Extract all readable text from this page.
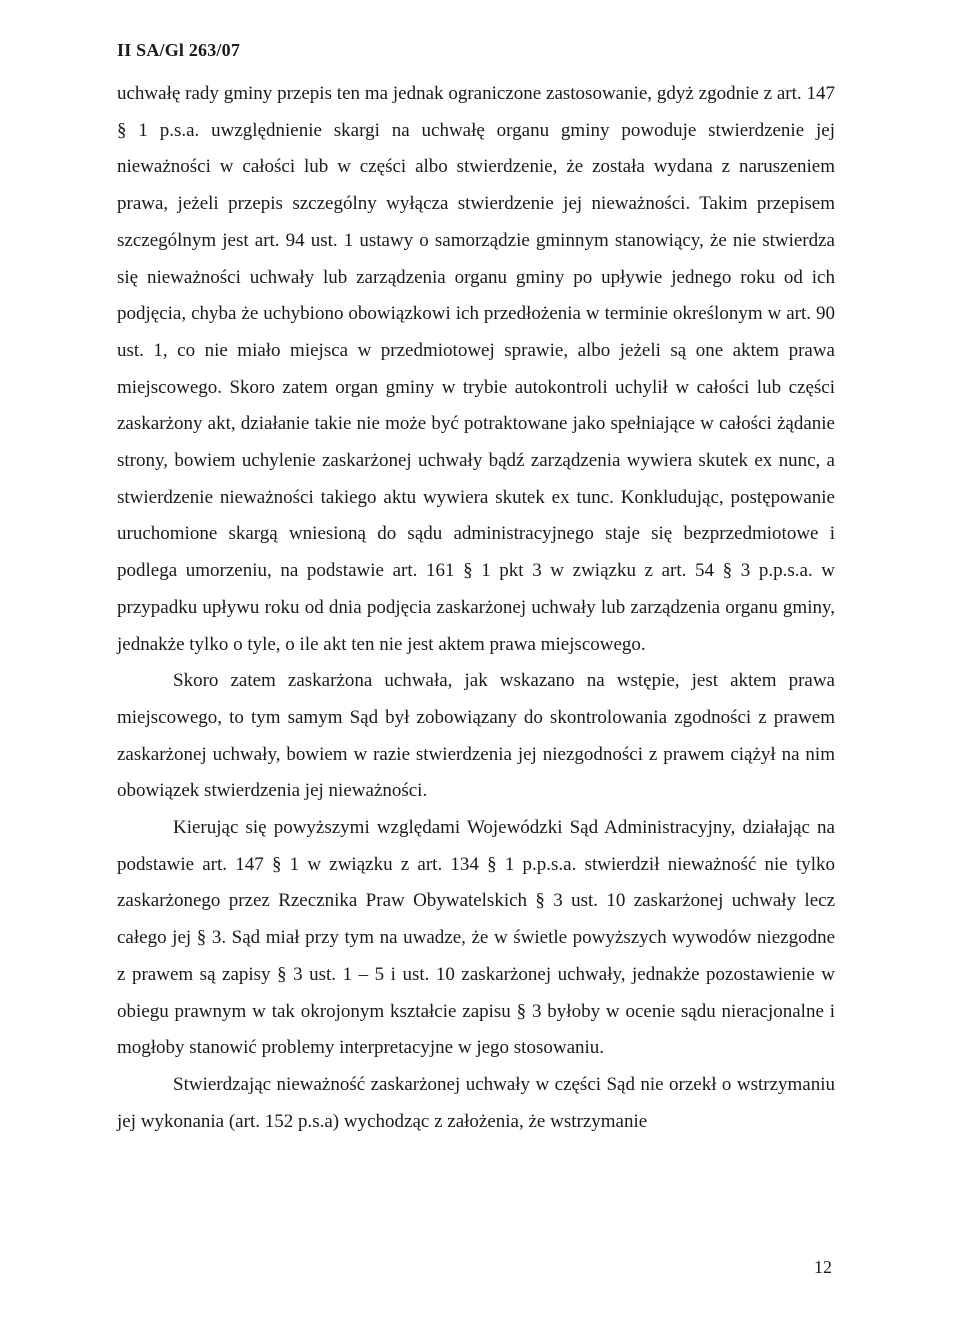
II SA/Gl 263/07

uchwałę rady gminy przepis ten ma jednak ograniczone zastosowanie, gdyż zgodnie z art. 147 § 1 p.s.a. uwzględnienie skargi na uchwałę organu gminy powoduje stwierdzenie jej nieważności w całości lub w części albo stwierdzenie, że została wydana z naruszeniem prawa, jeżeli przepis szczególny wyłącza stwierdzenie jej nieważności. Takim przepisem szczególnym jest art. 94 ust. 1 ustawy o samorządzie gminnym stanowiący, że nie stwierdza się nieważności uchwały lub zarządzenia organu gminy po upływie jednego roku od ich podjęcia, chyba że uchybiono obowiązkowi ich przedłożenia w terminie określonym w art. 90 ust. 1, co nie miało miejsca w przedmiotowej sprawie, albo jeżeli są one aktem prawa miejscowego. Skoro zatem organ gminy w trybie autokontroli uchylił w całości lub części zaskarżony akt, działanie takie nie może być potraktowane jako spełniające w całości żądanie strony, bowiem uchylenie zaskarżonej uchwały bądź zarządzenia wywiera skutek ex nunc, a stwierdzenie nieważności takiego aktu wywiera skutek ex tunc. Konkludując, postępowanie uruchomione skargą wniesioną do sądu administracyjnego staje się bezprzedmiotowe i podlega umorzeniu, na podstawie art. 161 § 1 pkt 3 w związku z art. 54 § 3 p.p.s.a. w przypadku upływu roku od dnia podjęcia zaskarżonej uchwały lub zarządzenia organu gminy, jednakże tylko o tyle, o ile akt ten nie jest aktem prawa miejscowego.

Skoro zatem zaskarżona uchwała, jak wskazano na wstępie, jest aktem prawa miejscowego, to tym samym Sąd był zobowiązany do skontrolowania zgodności z prawem zaskarżonej uchwały, bowiem w razie stwierdzenia jej niezgodności z prawem ciążył na nim obowiązek stwierdzenia jej nieważności.

Kierując się powyższymi względami Wojewódzki Sąd Administracyjny, działając na podstawie art. 147 § 1 w związku z art. 134 § 1 p.p.s.a. stwierdził nieważność nie tylko zaskarżonego przez Rzecznika Praw Obywatelskich § 3 ust. 10 zaskarżonej uchwały lecz całego jej § 3. Sąd miał przy tym na uwadze, że w świetle powyższych wywodów niezgodne z prawem są zapisy § 3 ust. 1 – 5 i ust. 10 zaskarżonej uchwały, jednakże pozostawienie w obiegu prawnym w tak okrojonym kształcie zapisu § 3 byłoby w ocenie sądu nieracjonalne i mogłoby stanowić problemy interpretacyjne w jego stosowaniu.

Stwierdzając nieważność zaskarżonej uchwały w części Sąd nie orzekł o wstrzymaniu jej wykonania (art. 152 p.s.a) wychodząc z założenia, że wstrzymanie

12
